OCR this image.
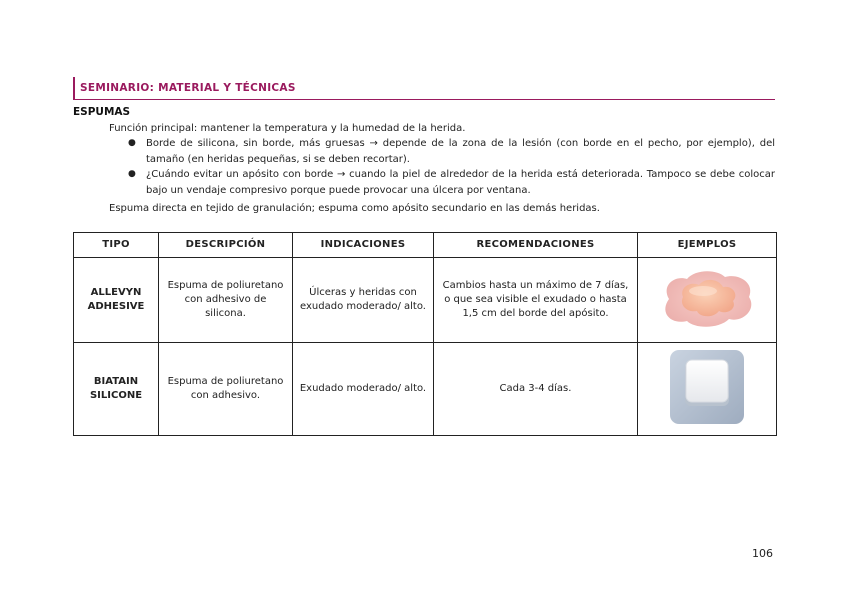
SEMINARIO: MATERIAL Y TÉCNICAS
ESPUMAS
Función principal: mantener la temperatura y la humedad de la herida.
● Borde de silicona, sin borde, más gruesas → depende de la zona de la lesión (con borde en el pecho, por ejemplo), del tamaño (en heridas pequeñas, si se deben recortar).
● ¿Cuándo evitar un apósito con borde → cuando la piel de alrededor de la herida está deteriorada. Tampoco se debe colocar bajo un vendaje compresivo porque puede provocar una úlcera por ventana.
Espuma directa en tejido de granulación; espuma como apósito secundario en las demás heridas.
TIPO	DESCRIPCIÓN	INDICACIONES	RECOMENDACIONES	EJEMPLOS

ALLEVYN
ADHESIVE	Espuma de poliuretano con adhesivo de silicona.	Úlceras y heridas con exudado moderado/ alto.	Cambios hasta un máximo de 7 días, o que sea visible el exudado o hasta 1,5 cm del borde del apósito.	

BIATAIN
SILICONE	Espuma de poliuretano con adhesivo.	Exudado moderado/ alto.	Cada 3-4 días.	
106
